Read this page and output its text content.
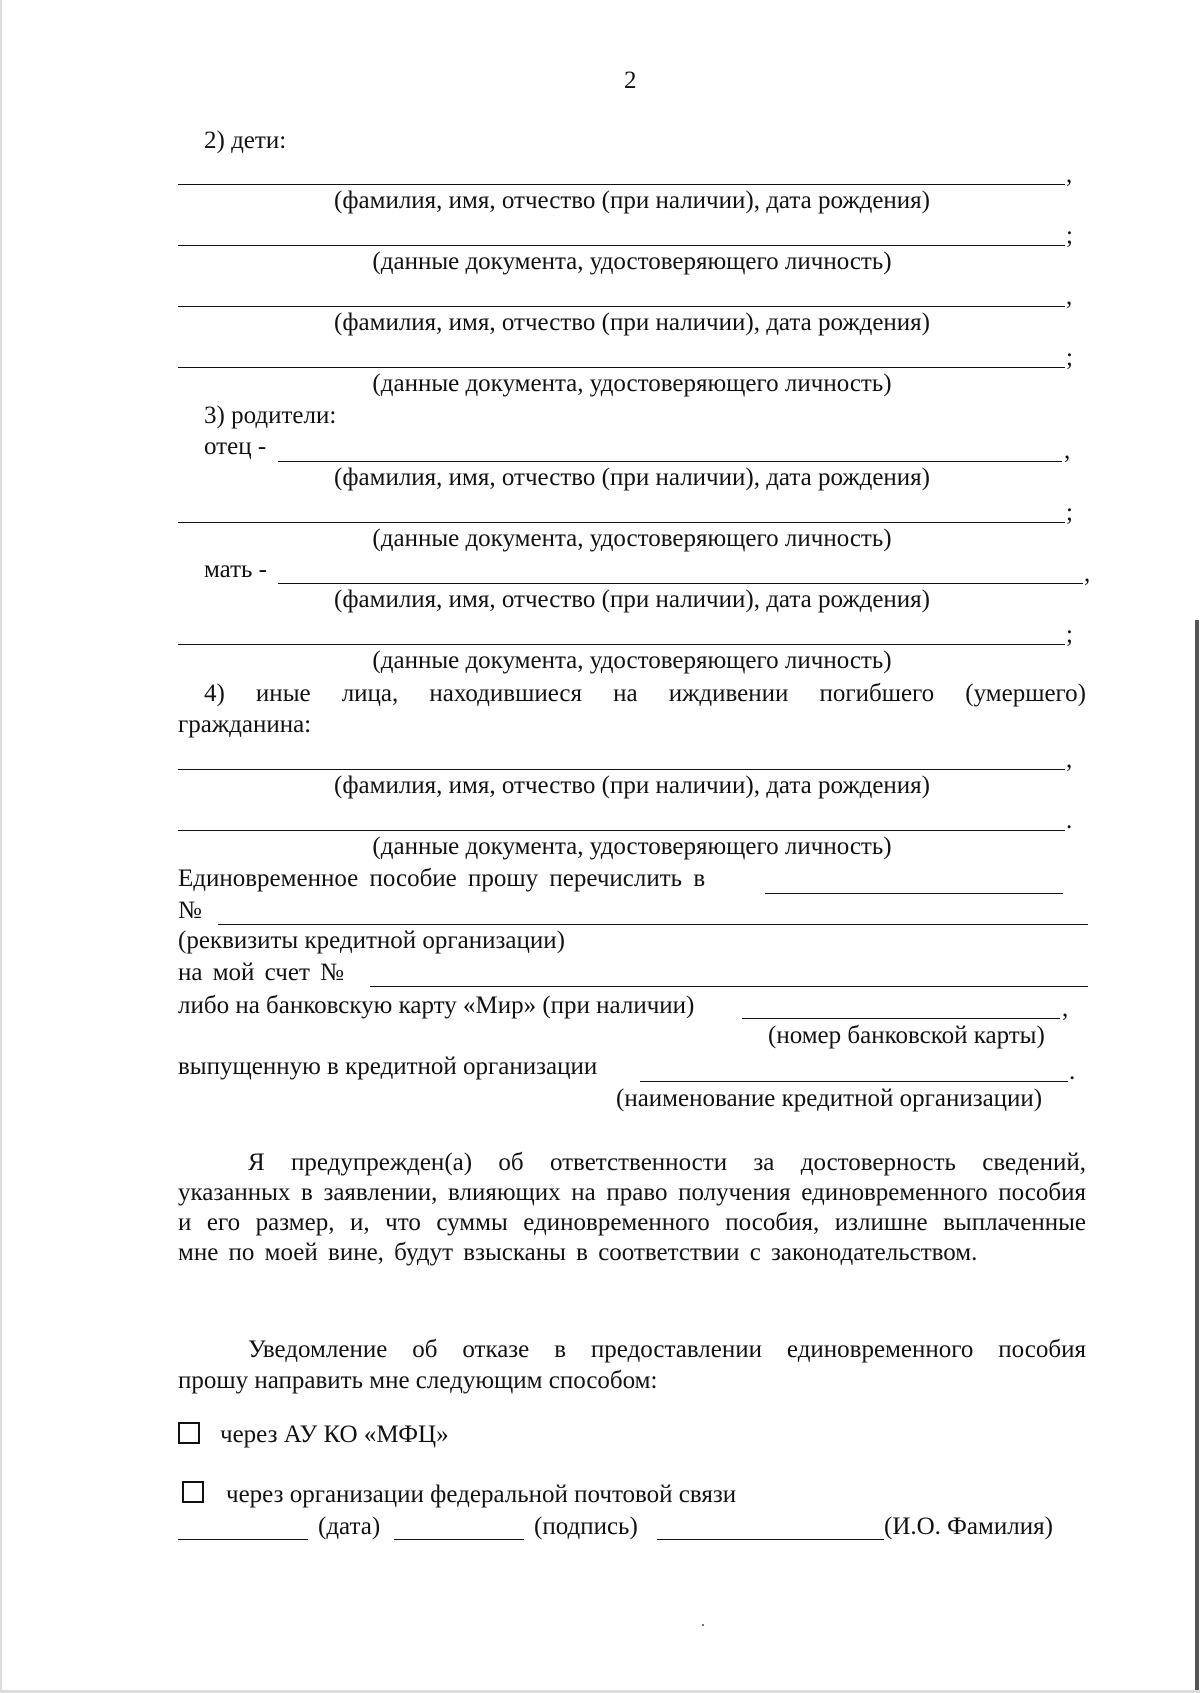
2
2) дети:
,
(фамилия, имя, отчество (при наличии), дата рождения)
;
(данные документа, удостоверяющего личность)
,
(фамилия, имя, отчество (при наличии), дата рождения)
;
(данные документа, удостоверяющего личность)
3) родители:
отец -	,
(фамилия, имя, отчество (при наличии), дата рождения)
;
(данные документа, удостоверяющего личность)
мать -	,
(фамилия, имя, отчество (при наличии), дата рождения)
;
(данные документа, удостоверяющего личность)
4) иные лица, находившиеся на иждивении погибшего (умершего)
гражданина:
,
(фамилия, имя, отчество (при наличии), дата рождения)
.
(данные документа, удостоверяющего личность)
Единовременное пособие прошу перечислить в
№
(реквизиты кредитной организации)
на мой счет №
либо на банковскую карту «Мир» (при наличии)	,
(номер банковской карты)
выпущенную в кредитной организации	.
(наименование кредитной организации)
Я предупрежден(а) об ответственности за достоверность сведений, указанных в заявлении, влияющих на право получения единовременного пособия и его размер, и, что суммы единовременного пособия, излишне выплаченные мне по моей вине, будут взысканы в соответствии с законодательством.
Уведомление об отказе в предоставлении единовременного пособия
прошу направить мне следующим способом:
через АУ КО «МФЦ»
через организации федеральной почтовой связи
(дата)	(подпись)	(И.О. Фамилия)
